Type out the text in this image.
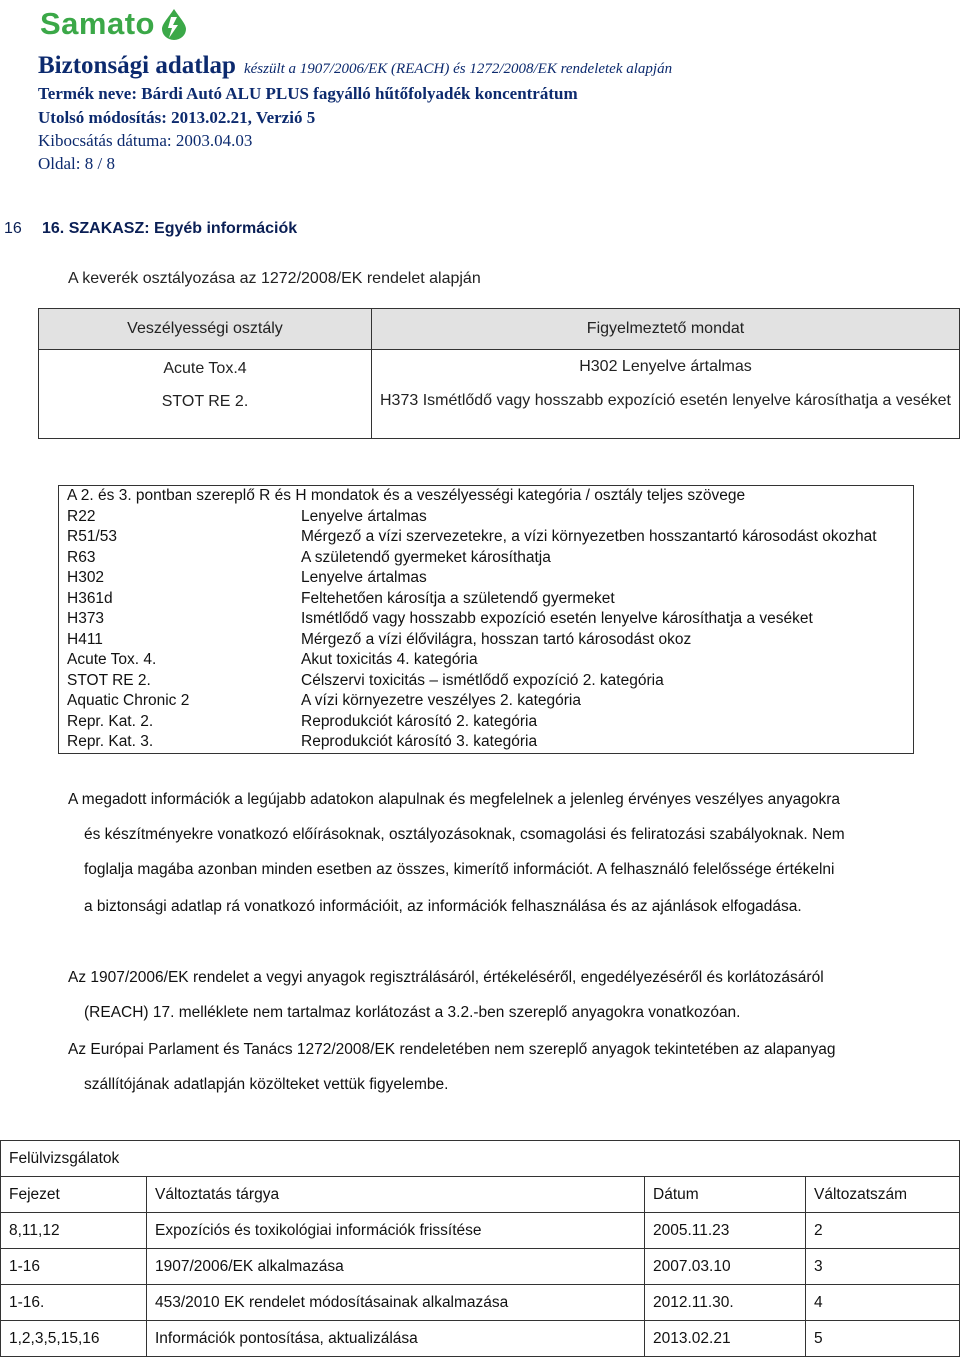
Samato
Biztonsági adatlap készült a 1907/2006/EK (REACH) és 1272/2008/EK rendeletek alapján
Termék neve: Bárdi Autó ALU PLUS fagyálló hűtőfolyadék koncentrátum
Utolsó módosítás: 2013.02.21, Verzió 5
Kibocsátás dátuma: 2003.04.03
Oldal: 8 / 8
16 16. SZAKASZ: Egyéb információk
A keverék osztályozása az 1272/2008/EK rendelet alapján
Veszélyességi osztály	Figyelmeztető mondat
Acute Tox.4	H302 Lenyelve ártalmas
STOT RE 2.	H373 Ismétlődő vagy hosszabb expozíció esetén lenyelve károsíthatja a veséket
A 2. és 3. pontban szereplő R és H mondatok és a veszélyességi kategória / osztály teljes szövege	
R22	Lenyelve ártalmas
R51/53	Mérgező a vízi szervezetekre, a vízi környezetben hosszantartó károsodást okozhat
R63	A születendő gyermeket károsíthatja
H302	Lenyelve ártalmas
H361d	Feltehetően károsítja a születendő gyermeket
H373	Ismétlődő vagy hosszabb expozíció esetén lenyelve károsíthatja a veséket
H411	Mérgező a vízi élővilágra, hosszan tartó károsodást okoz
Acute Tox. 4.	Akut toxicitás 4. kategória
STOT RE 2.	Célszervi toxicitás – ismétlődő expozíció 2. kategória
Aquatic Chronic 2	A vízi környezetre veszélyes 2. kategória
Repr. Kat. 2.	Reprodukciót károsító 2. kategória
Repr. Kat. 3.	Reprodukciót károsító 3. kategória
A megadott információk a legújabb adatokon alapulnak és megfelelnek a jelenleg érvényes veszélyes anyagokra
és készítményekre vonatkozó előírásoknak, osztályozásoknak, csomagolási és feliratozási szabályoknak. Nem
foglalja magába azonban minden esetben az összes, kimerítő információt. A felhasználó felelőssége értékelni
a biztonsági adatlap rá vonatkozó információit, az információk felhasználása és az ajánlások elfogadása.
Az 1907/2006/EK rendelet a vegyi anyagok regisztrálásáról, értékeléséről, engedélyezéséről és korlátozásáról
(REACH) 17. melléklete nem tartalmaz korlátozást a 3.2.-ben szereplő anyagokra vonatkozóan.
Az Európai Parlament és Tanács 1272/2008/EK rendeletében nem szereplő anyagok tekintetében az alapanyag
szállítójának adatlapján közölteket vettük figyelembe.
Felülvizsgálatok			
Fejezet	Változtatás tárgya	Dátum	Változatszám
8,11,12	Expozíciós és toxikológiai információk frissítése	2005.11.23	2
1-16	1907/2006/EK alkalmazása	2007.03.10	3
1-16.	453/2010 EK rendelet módosításainak alkalmazása	2012.11.30.	4
1,2,3,5,15,16	Információk pontosítása, aktualizálása	2013.02.21	5
